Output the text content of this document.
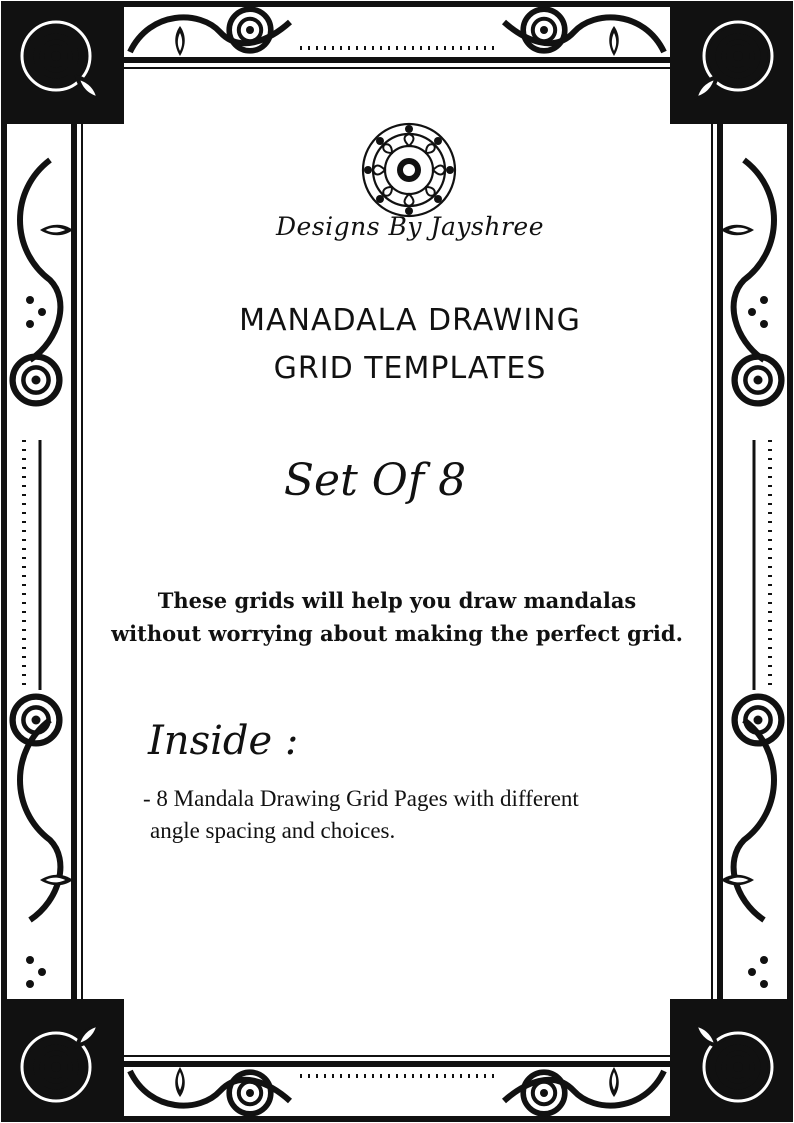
Designs By Jayshree
MANADALA DRAWING
GRID TEMPLATES
Set Of 8

These grids will help you draw mandalas

without worrying about making the perfect grid.

Inside :

- 8 Mandala Drawing Grid Pages with different

angle spacing and choices.
